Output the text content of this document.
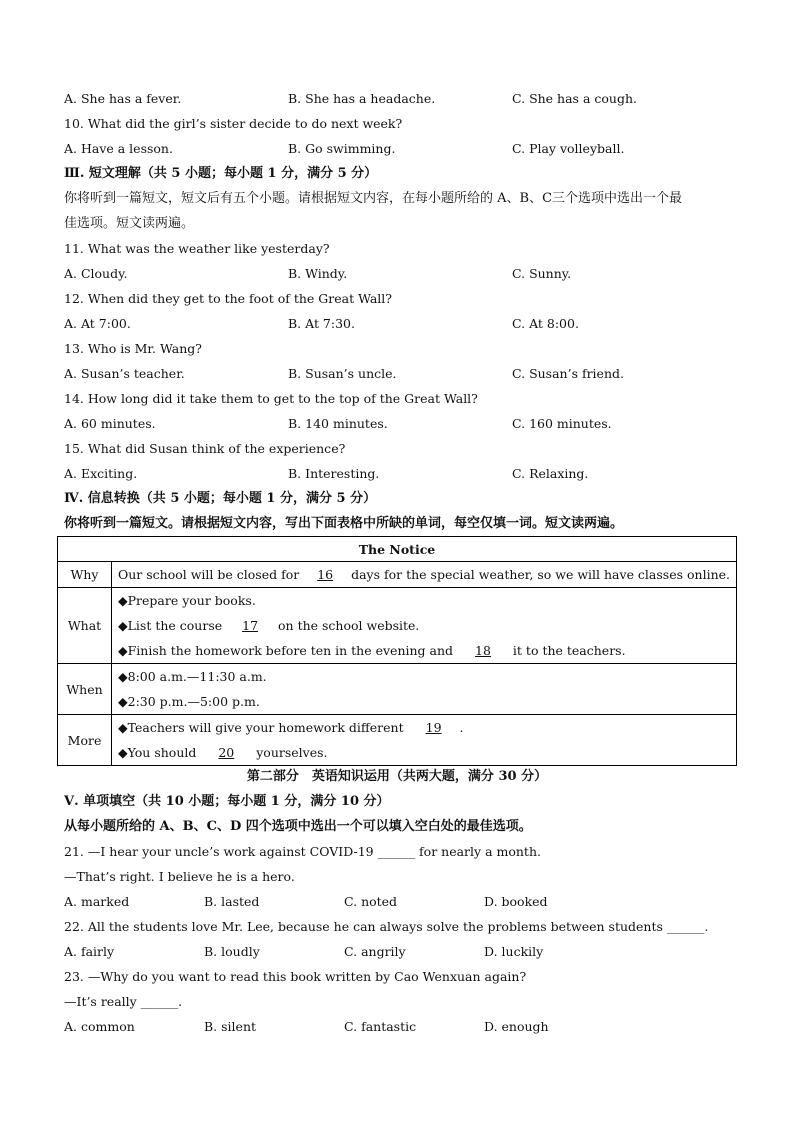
A. She has a fever.	B. She has a headache.	C. She has a cough.
10. What did the girl’s sister decide to do next week?
A. Have a lesson.	B. Go swimming.	C. Play volleyball.
Ⅲ. 短文理解（共 5 小题；每小题 1 分，满分 5 分）
你将听到一篇短文，短文后有五个小题。请根据短文内容，在每小题所给的 A、B、C三个选项中选出一个最
佳选项。短文读两遍。
11. What was the weather like yesterday?
A. Cloudy.	B. Windy.	C. Sunny.
12. When did they get to the foot of the Great Wall?
A. At 7:00.	B. At 7:30.	C. At 8:00.
13. Who is Mr. Wang?
A. Susan’s teacher.	B. Susan’s uncle.	C. Susan’s friend.
14. How long did it take them to get to the top of the Great Wall?
A. 60 minutes.	B. 140 minutes.	C. 160 minutes.
15. What did Susan think of the experience?
A. Exciting.	B. Interesting.	C. Relaxing.
Ⅳ. 信息转换（共 5 小题；每小题 1 分，满分 5 分）
你将听到一篇短文。请根据短文内容，写出下面表格中所缺的单词，每空仅填一词。短文读两遍。
The Notice	
Why	Our school will be closed for 16 days for the special weather, so we will have classes online.

What	◆Prepare your books.
◆List the course 17 on the school website.
◆Finish the homework before ten in the evening and 18 it to the teachers.

When	◆8:00 a.m.—11:30 a.m.
◆2:30 p.m.—5:00 p.m.

More	◆Teachers will give your homework different 19 .
◆You should 20 yourselves.
第二部分　英语知识运用（共两大题，满分 30 分）
Ⅴ. 单项填空（共 10 小题；每小题 1 分，满分 10 分）
从每小题所给的 A、B、C、D 四个选项中选出一个可以填入空白处的最佳选项。
21. —I hear your uncle’s work against COVID-19 ______ for nearly a month.
—That’s right. I believe he is a hero.
A. marked	B. lasted	C. noted	D. booked
22. All the students love Mr. Lee, because he can always solve the problems between students ______.
A. fairly	B. loudly	C. angrily	D. luckily
23. —Why do you want to read this book written by Cao Wenxuan again?
—It’s really ______.
A. common	B. silent	C. fantastic	D. enough
